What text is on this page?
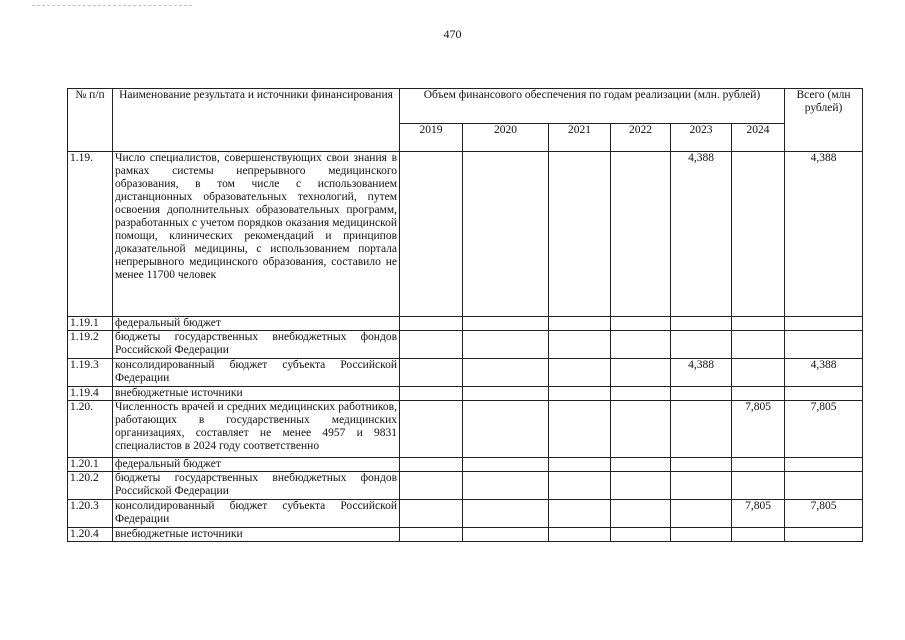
470
№ п/п	Наименование результата и источники финансирования	Объем финансового обеспечения по годам реализации (млн. рублей)						Всего (млн рублей)
		2019	2020	2021	2022	2023	2024	
1.19.	Число специалистов, совершенствующих свои знания в рамках системы непрерывного медицинского образования, в том числе с использованием дистанционных образовательных технологий, путем освоения дополнительных образовательных программ, разработанных с учетом порядков оказания медицинской помощи, клинических рекомендаций и принципов доказательной медицины, с использованием портала непрерывного медицинского образования, составило не менее 11700 человек					4,388		4,388
1.19.1	федеральный бюджет							
1.19.2	бюджеты государственных внебюджетных фондов Российской Федерации							
1.19.3	консолидированный бюджет субъекта Российской Федерации					4,388		4,388
1.19.4	внебюджетные источники							
1.20.	Численность врачей и средних медицинских работников, работающих в государственных медицинских организациях, составляет не менее 4957 и 9831 специалистов в 2024 году соответственно						7,805	7,805
1.20.1	федеральный бюджет							
1.20.2	бюджеты государственных внебюджетных фондов Российской Федерации							
1.20.3	консолидированный бюджет субъекта Российской Федерации						7,805	7,805
1.20.4	внебюджетные источники							
